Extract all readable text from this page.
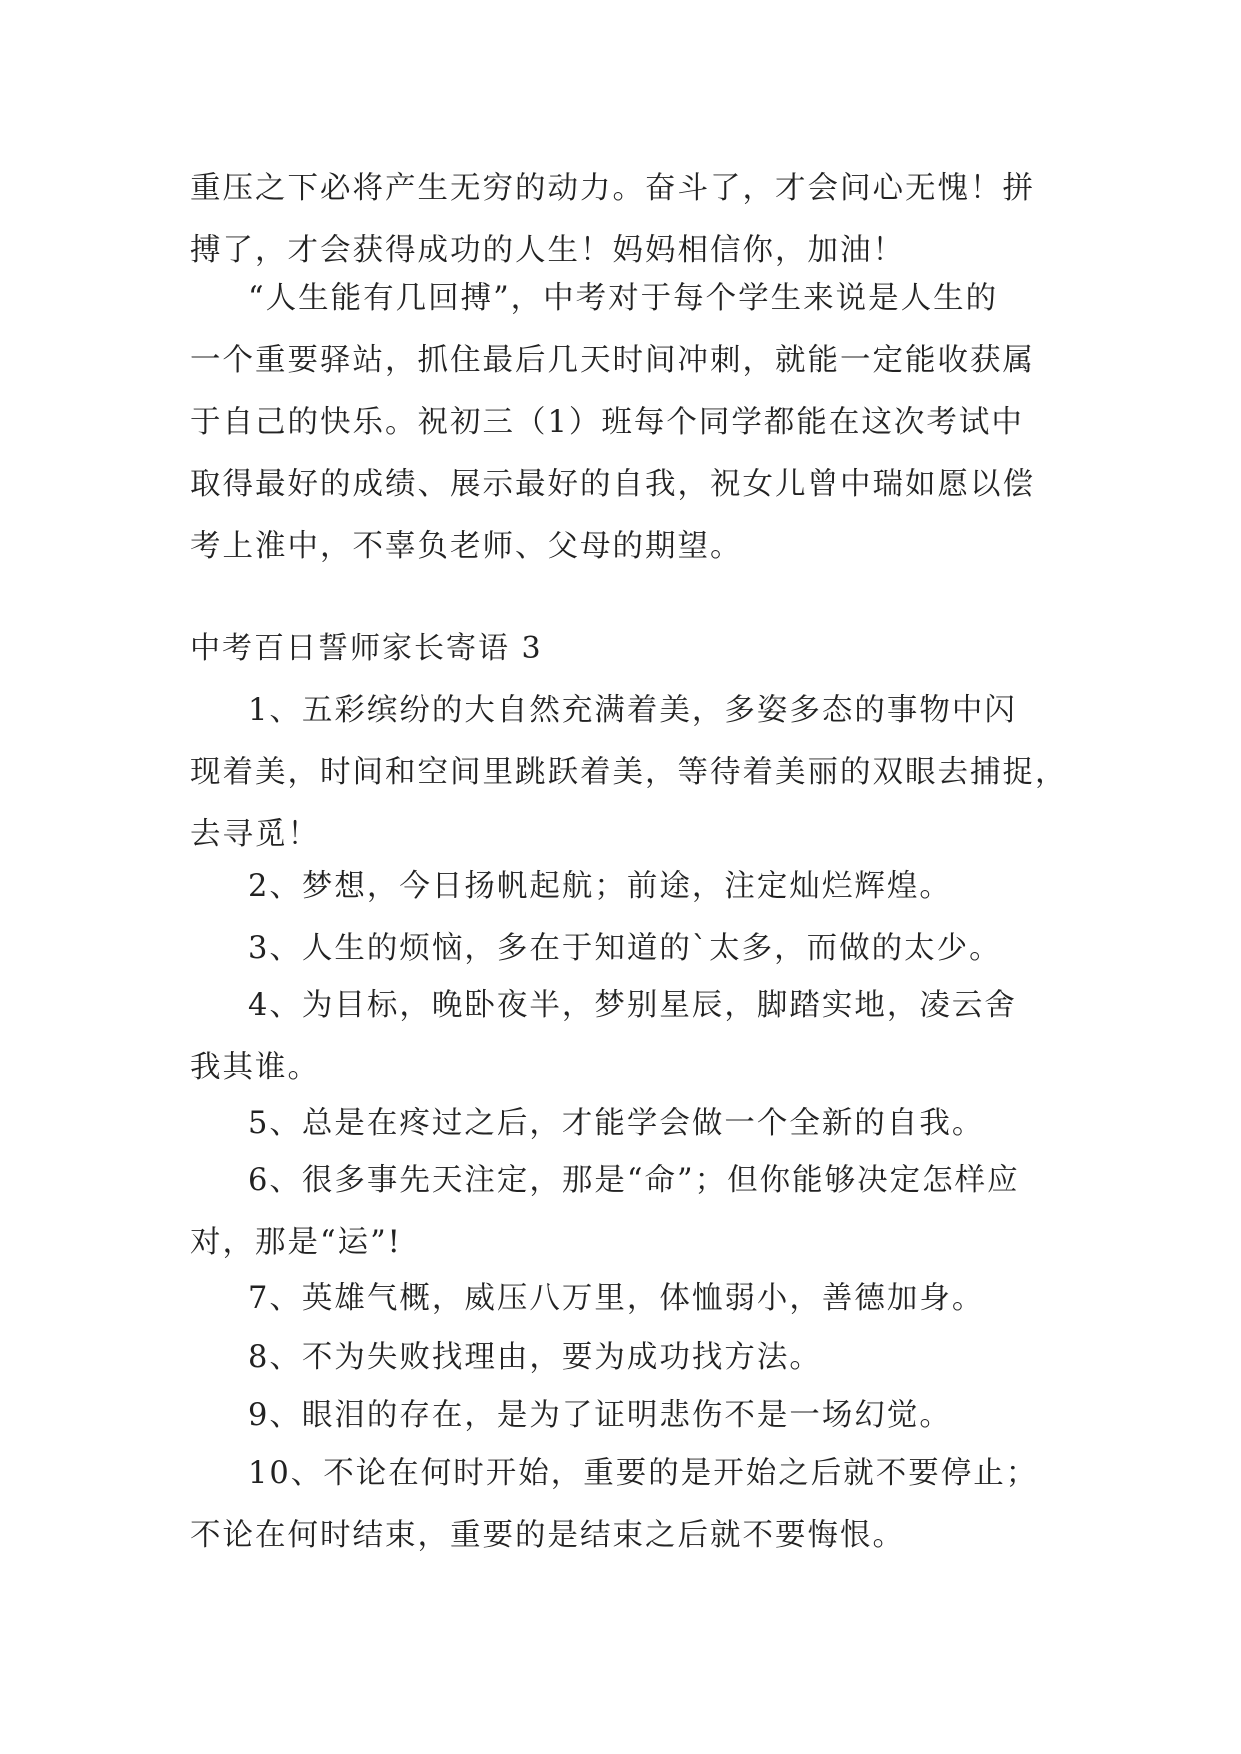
重压之下必将产生无穷的动力。奋斗了，才会问心无愧！拼
搏了，才会获得成功的人生！妈妈相信你，加油！

“人生能有几回搏”，中考对于每个学生来说是人生的
一个重要驿站，抓住最后几天时间冲刺，就能一定能收获属
于自己的快乐。祝初三（1）班每个同学都能在这次考试中
取得最好的成绩、展示最好的自我，祝女儿曾中瑞如愿以偿
考上淮中，不辜负老师、父母的期望。

中考百日誓师家长寄语 3

1、五彩缤纷的大自然充满着美，多姿多态的事物中闪
现着美，时间和空间里跳跃着美，等待着美丽的双眼去捕捉，
去寻觅！

2、梦想，今日扬帆起航；前途，注定灿烂辉煌。

3、人生的烦恼，多在于知道的`太多，而做的太少。

4、为目标，晚卧夜半，梦别星辰，脚踏实地，凌云舍
我其谁。

5、总是在疼过之后，才能学会做一个全新的自我。

6、很多事先天注定，那是“命”；但你能够决定怎样应
对，那是“运”!

7、英雄气概，威压八万里，体恤弱小，善德加身。

8、不为失败找理由，要为成功找方法。

9、眼泪的存在，是为了证明悲伤不是一场幻觉。

10、不论在何时开始，重要的是开始之后就不要停止；
不论在何时结束，重要的是结束之后就不要悔恨。
